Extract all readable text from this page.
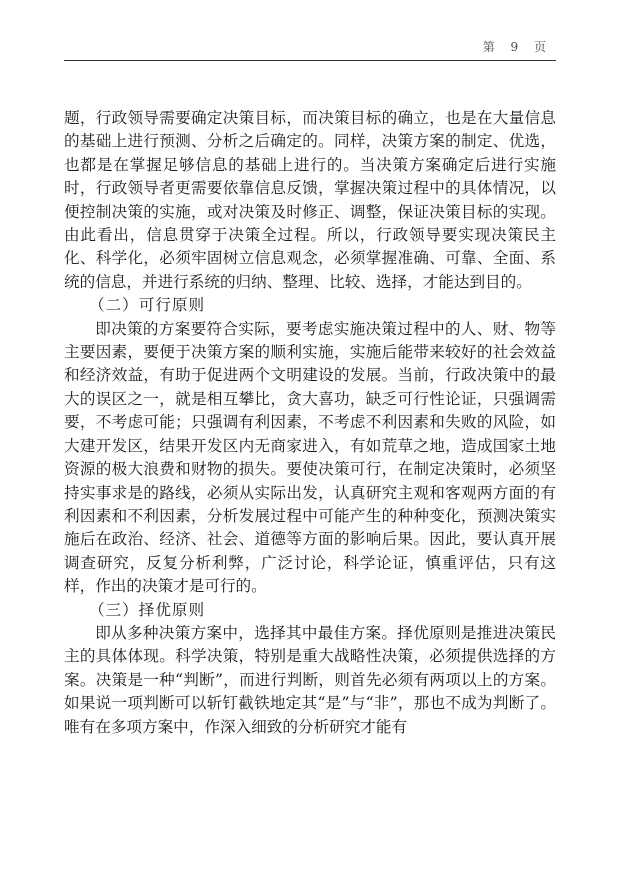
第 9 页

题，行政领导需要确定决策目标，而决策目标的确立，也是在大量信息的基础上进行预测、分析之后确定的。同样，决策方案的制定、优选，也都是在掌握足够信息的基础上进行的。当决策方案确定后进行实施时，行政领导者更需要依靠信息反馈，掌握决策过程中的具体情况，以便控制决策的实施，或对决策及时修正、调整，保证决策目标的实现。由此看出，信息贯穿于决策全过程。所以，行政领导要实现决策民主化、科学化，必须牢固树立信息观念，必须掌握准确、可靠、全面、系统的信息，并进行系统的归纳、整理、比较、选择，才能达到目的。

（二）可行原则

即决策的方案要符合实际，要考虑实施决策过程中的人、财、物等主要因素，要便于决策方案的顺利实施，实施后能带来较好的社会效益和经济效益，有助于促进两个文明建设的发展。当前，行政决策中的最大的误区之一，就是相互攀比，贪大喜功，缺乏可行性论证，只强调需要，不考虑可能；只强调有利因素，不考虑不利因素和失败的风险，如大建开发区，结果开发区内无商家进入，有如荒草之地，造成国家土地资源的极大浪费和财物的损失。要使决策可行，在制定决策时，必须坚持实事求是的路线，必须从实际出发，认真研究主观和客观两方面的有利因素和不利因素，分析发展过程中可能产生的种种变化，预测决策实施后在政治、经济、社会、道德等方面的影响后果。因此，要认真开展调查研究，反复分析利弊，广泛讨论，科学论证，慎重评估，只有这样，作出的决策才是可行的。

（三）择优原则

即从多种决策方案中，选择其中最佳方案。择优原则是推进决策民主的具体体现。科学决策，特别是重大战略性决策，必须提供选择的方案。决策是一种“判断”，而进行判断，则首先必须有两项以上的方案。如果说一项判断可以斩钉截铁地定其“是”与“非”，那也不成为判断了。唯有在多项方案中，作深入细致的分析研究才能有
